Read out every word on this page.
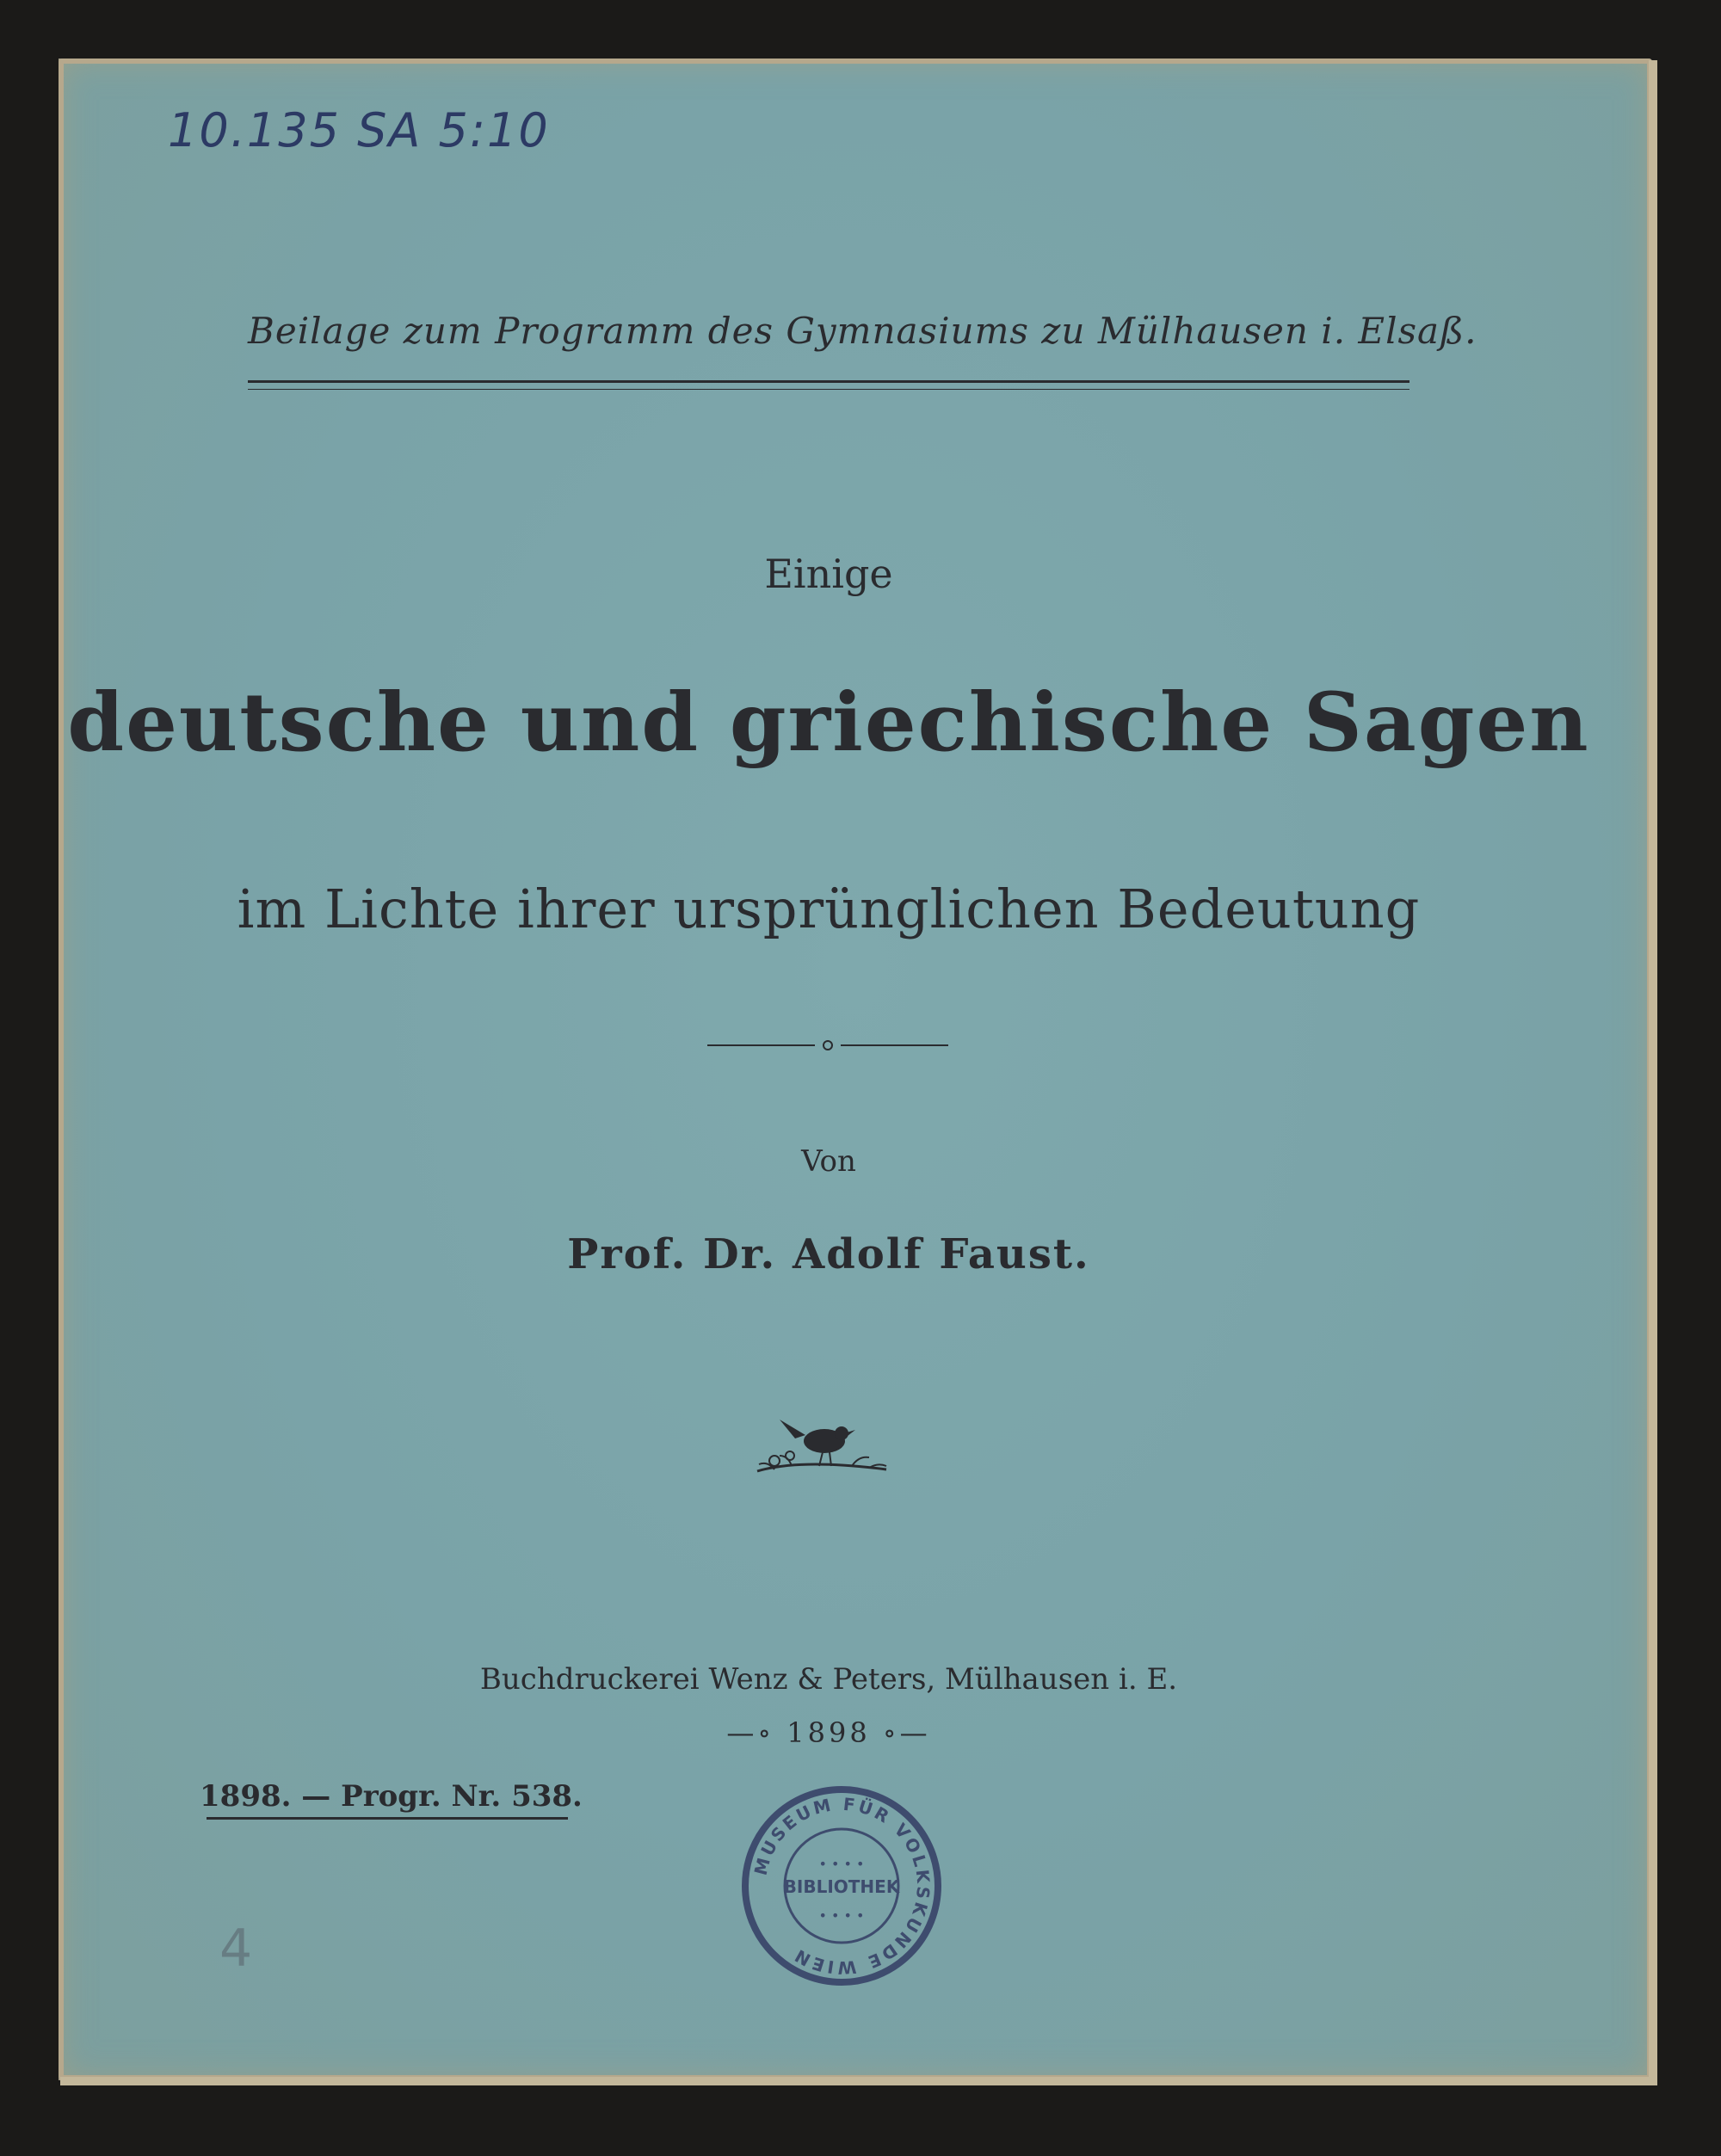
10.135 SA 5:10
Beilage zum Programm des Gymnasiums zu Mülhausen i. Elsaß.
Einige
deutsche und griechische Sagen
im Lichte ihrer ursprünglichen Bedeutung
Von
Prof. Dr. Adolf Faust.
Buchdruckerei Wenz & Peters, Mülhausen i. E.
—∘ 1898 ∘—
1898. — Progr. Nr. 538.
MUSEUM FÜR VOLKSKUNDE WIEN
BIBLIOTHEK
• • • •
• • • •
4
